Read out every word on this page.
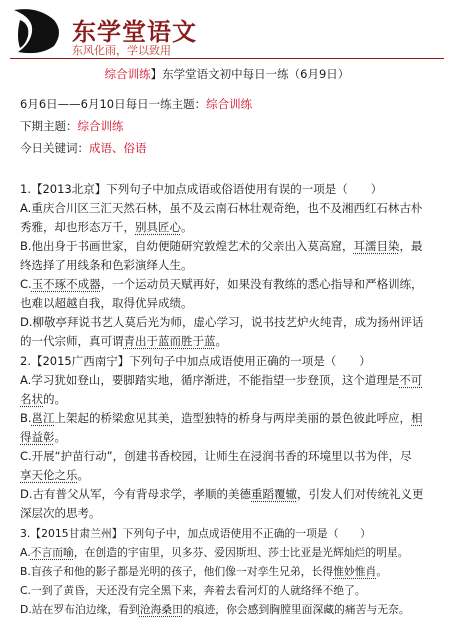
东学堂语文
东风化雨，学以致用
综合训练】东学堂语文初中每日一练（6月9日）
6月6日——6月10日每日一练主题：综合训练
下期主题：综合训练
今日关键词：成语、俗语

1.【2013北京】下列句子中加点成语或俗语使用有误的一项是（　　）

A.重庆合川区三汇天然石林，虽不及云南石林壮观奇绝，也不及湘西红石林古朴

秀雅，却也形态万千，别具匠心。

B.他出身于书画世家，自幼便随研究敦煌艺术的父亲出入莫高窟，耳濡目染，最

终选择了用线条和色彩演绎人生。

C.玉不琢不成器，一个运动员天赋再好，如果没有教练的悉心指导和严格训练，

也难以超越自我，取得优异成绩。

D.柳敬亭拜说书艺人莫后光为师，虚心学习，说书技艺炉火纯青，成为扬州评话

的一代宗师，真可谓青出于蓝而胜于蓝。

2.【2015广西南宁】下列句子中加点成语使用正确的一项是（　　）

A.学习犹如登山，要脚踏实地，循序渐进，不能指望一步登顶，这个道理是不可

名状的。

B.邕江上架起的桥梁愈见其美，造型独特的桥身与两岸美丽的景色彼此呼应，相

得益彰。

C.开展“护苗行动”，创建书香校园，让师生在浸润书香的环境里以书为伴，尽

享天伦之乐。

D.古有普父从军，今有背母求学，孝顺的美德重蹈覆辙，引发人们对传统礼义更

深层次的思考。

3.【2015甘肃兰州】下列句子中，加点成语使用不正确的一项是（　　）

A.不言而喻，在创造的宇宙里，贝多芬、爱因斯坦、莎士比亚是光辉灿烂的明星。

B.盲孩子和他的影子都是光明的孩子，他们像一对孪生兄弟，长得惟妙惟肖。

C.一到了黄昏，天还没有完全黑下来，奔着去看河灯的人就络绎不绝了。

D.站在罗布泊边缘，看到沧海桑田的痕迹，你会感到胸膛里面深藏的痛苦与无奈。
